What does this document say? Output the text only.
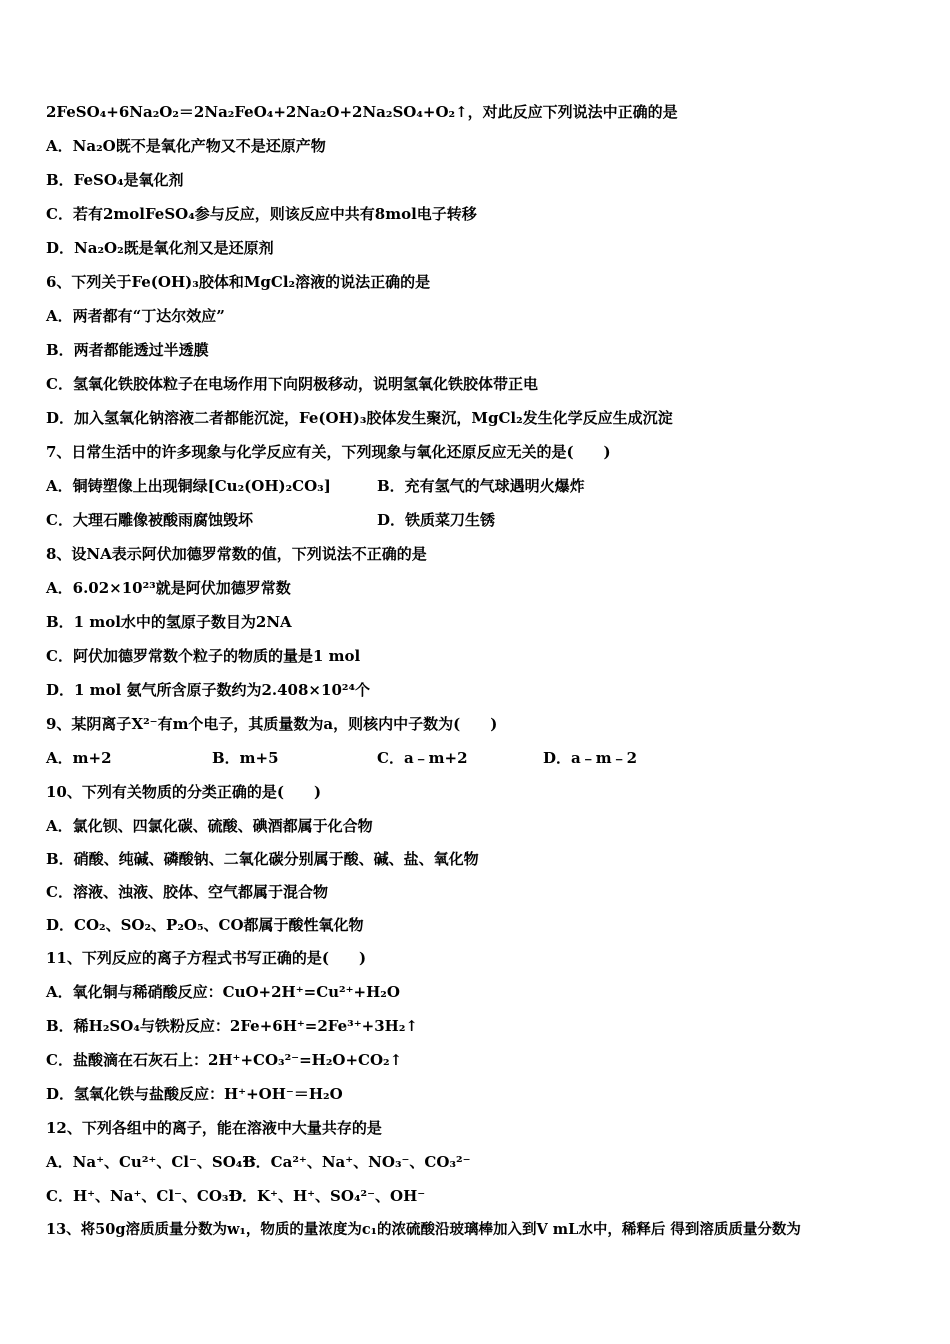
2FeSO₄+6Na₂O₂＝2Na₂FeO₄+2Na₂O+2Na₂SO₄+O₂↑，对此反应下列说法中正确的是
A．Na₂O既不是氧化产物又不是还原产物
B．FeSO₄是氧化剂
C．若有2molFeSO₄参与反应，则该反应中共有8mol电子转移
D．Na₂O₂既是氧化剂又是还原剂
6、下列关于Fe(OH)₃胶体和MgCl₂溶液的说法正确的是
A．两者都有“丁达尔效应”
B．两者都能透过半透膜
C．氢氧化铁胶体粒子在电场作用下向阴极移动，说明氢氧化铁胶体带正电
D．加入氢氧化钠溶液二者都能沉淀，Fe(OH)₃胶体发生聚沉，MgCl₂发生化学反应生成沉淀
7、日常生活中的许多现象与化学反应有关，下列现象与氧化还原反应无关的是(　　)
A．铜铸塑像上出现铜绿[Cu₂(OH)₂CO₃]	B．充有氢气的气球遇明火爆炸
C．大理石雕像被酸雨腐蚀毁坏	D．铁质菜刀生锈
8、设NA表示阿伏加德罗常数的值，下列说法不正确的是
A．6.02×10²³就是阿伏加德罗常数
B．1 mol水中的氢原子数目为2NA
C．阿伏加德罗常数个粒子的物质的量是1 mol
D．1 mol 氨气所含原子数约为2.408×10²⁴个
9、某阴离子X²⁻有m个电子，其质量数为a，则核内中子数为(　　)
A．m+2	B．m+5	C．a﹣m+2	D．a﹣m﹣2
10、下列有关物质的分类正确的是(　　)
A．氯化钡、四氯化碳、硫酸、碘酒都属于化合物
B．硝酸、纯碱、磷酸钠、二氧化碳分别属于酸、碱、盐、氧化物
C．溶液、浊液、胶体、空气都属于混合物
D．CO₂、SO₂、P₂O₅、CO都属于酸性氧化物
11、下列反应的离子方程式书写正确的是(　　)
A．氧化铜与稀硝酸反应：CuO+2H⁺=Cu²⁺+H₂O
B．稀H₂SO₄与铁粉反应：2Fe+6H⁺=2Fe³⁺+3H₂↑
C．盐酸滴在石灰石上：2H⁺+CO₃²⁻=H₂O+CO₂↑
D．氢氧化铁与盐酸反应：H⁺+OH⁻＝H₂O
12、下列各组中的离子，能在溶液中大量共存的是
A．Na⁺、Cu²⁺、Cl⁻、SO₄²⁻
B．Ca²⁺、Na⁺、NO₃⁻、CO₃²⁻
C．H⁺、Na⁺、Cl⁻、CO₃²⁻
D．K⁺、H⁺、SO₄²⁻、OH⁻
13、将50g溶质质量分数为w₁，物质的量浓度为c₁的浓硫酸沿玻璃棒加入到V mL水中，稀释后 得到溶质质量分数为
